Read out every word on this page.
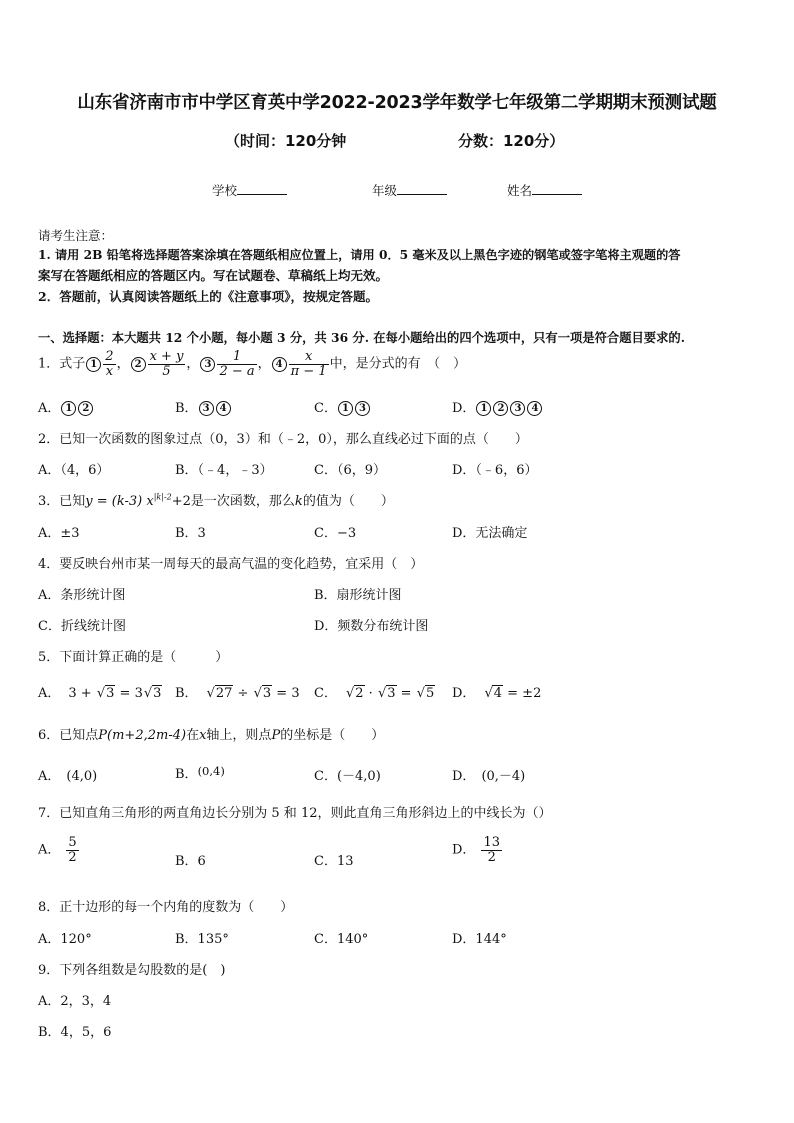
山东省济南市市中学区育英中学2022-2023学年数学七年级第二学期期末预测试题
（时间：120分钟	分数：120分）
学校	年级	姓名
请考生注意：
1. 请用 2B 铅笔将选择题答案涂填在答题纸相应位置上，请用 0．5 毫米及以上黑色字迹的钢笔或签字笔将主观题的答
案写在答题纸相应的答题区内。写在试题卷、草稿纸上均无效。
2．答题前，认真阅读答题纸上的《注意事项》，按规定答题。
一、选择题：本大题共 12 个小题，每小题 3 分，共 36 分. 在每小题给出的四个选项中，只有一项是符合题目要求的.
1．式子 $1 \frac{2}{x}$ ， $2 \frac{x + y}{5}$ ， $3 \frac{1}{2 - a}$ ， $4 \frac{x}{\pi - 1}$ 中，是分式的有　（　）
A． 1 2	B． 3 4	C． 1 3	D． 1 2 3 4
2．已知一次函数的图象过点（0，3）和（﹣2，0），那么直线必过下面的点（　　）
A．（4，6）	B．（﹣4，﹣3）	C．（6，9）	D．（﹣6，6）
3．已知y = (k-3) $x^{|k|-2}+2$是一次函数，那么k的值为（　　）
A．±3	B．3	C．−3	D．无法确定
4．要反映台州市某一周每天的最高气温的变化趋势，宜采用（　）
A．条形统计图	B．扇形统计图
C．折线统计图	D．频数分布统计图
5．下面计算正确的是（　　　）
A． 3 + √ 3 = 3 √ 3 B． √ 27 ÷ √ 3 = 3 C． √ 2 · √ 3 = √ 5 D． √ 4 = ±2
6．已知点P(m+2,2m-4)在x轴上，则点P的坐标是（　　）
A． (4,0)	B．(0,4)	C．(－4,0)	D． (0,－4)
7．已知直角三角形的两直角边长分别为 5 和 12，则此直角三角形斜边上的中线长为（）
A． $\frac{5}{2}$	B．6	C．13
D． $\frac{13}{2}$
8．正十边形的每一个内角的度数为（　　）
A．120°	B．135°	C．140°	D．144°
9．下列各组数是勾股数的是(　)
A．2，3，4
B．4，5，6
